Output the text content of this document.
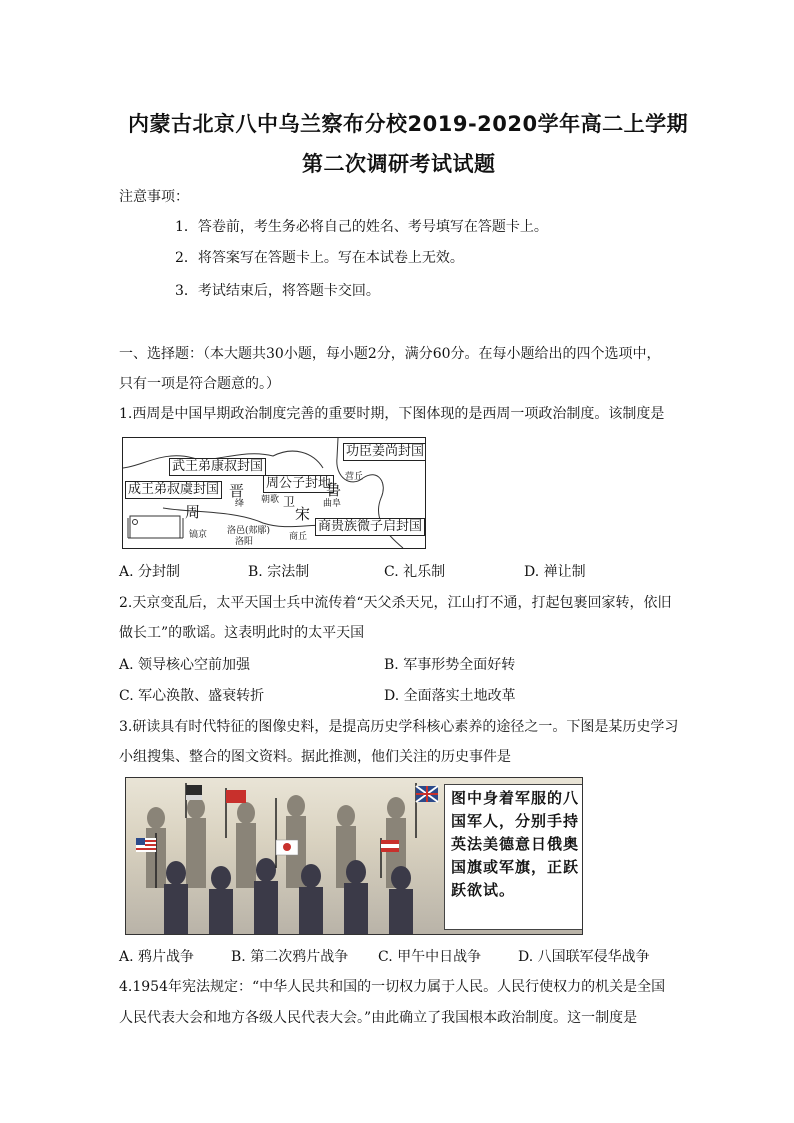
内蒙古北京八中乌兰察布分校2019-2020学年高二上学期
第二次调研考试试题
注意事项：
1．答卷前，考生务必将自己的姓名、考号填写在答题卡上。
2．将答案写在答题卡上。写在本试卷上无效。
3．考试结束后，将答题卡交回。
一、选择题：（本大题共30小题，每小题2分，满分60分。在每小题给出的四个选项中，
只有一项是符合题意的。）
1.西周是中国早期政治制度完善的重要时期，下图体现的是西周一项政治制度。该制度是
武王弟康叔封国
功臣姜尚封国
周公子封地
成王弟叔虞封国
商贵族微子启封国
晋
卫
鲁
周	宋
营丘
绛	曲阜
镐京 洛邑(郏鄏)
洛阳	商丘
朝歌
A. 分封制	B. 宗法制	C. 礼乐制	D. 禅让制
2.天京变乱后，太平天国士兵中流传着“天父杀天兄，江山打不通，打起包裹回家转，依旧
做长工”的歌谣。这表明此时的太平天国
A. 领导核心空前加强	B. 军事形势全面好转
C. 军心涣散、盛衰转折	D. 全面落实土地改革
3.研读具有时代特征的图像史料，是提高历史学科核心素养的途径之一。下图是某历史学习
小组搜集、整合的图文资料。据此推测，他们关注的历史事件是
图中身着军服的八国军人，分别手持英法美德意日俄奥国旗或军旗，正跃跃欲试。
A. 鸦片战争	B. 第二次鸦片战争 C. 甲午中日战争	D. 八国联军侵华战争
4.1954年宪法规定：“中华人民共和国的一切权力属于人民。人民行使权力的机关是全国
人民代表大会和地方各级人民代表大会。”由此确立了我国根本政治制度。这一制度是
